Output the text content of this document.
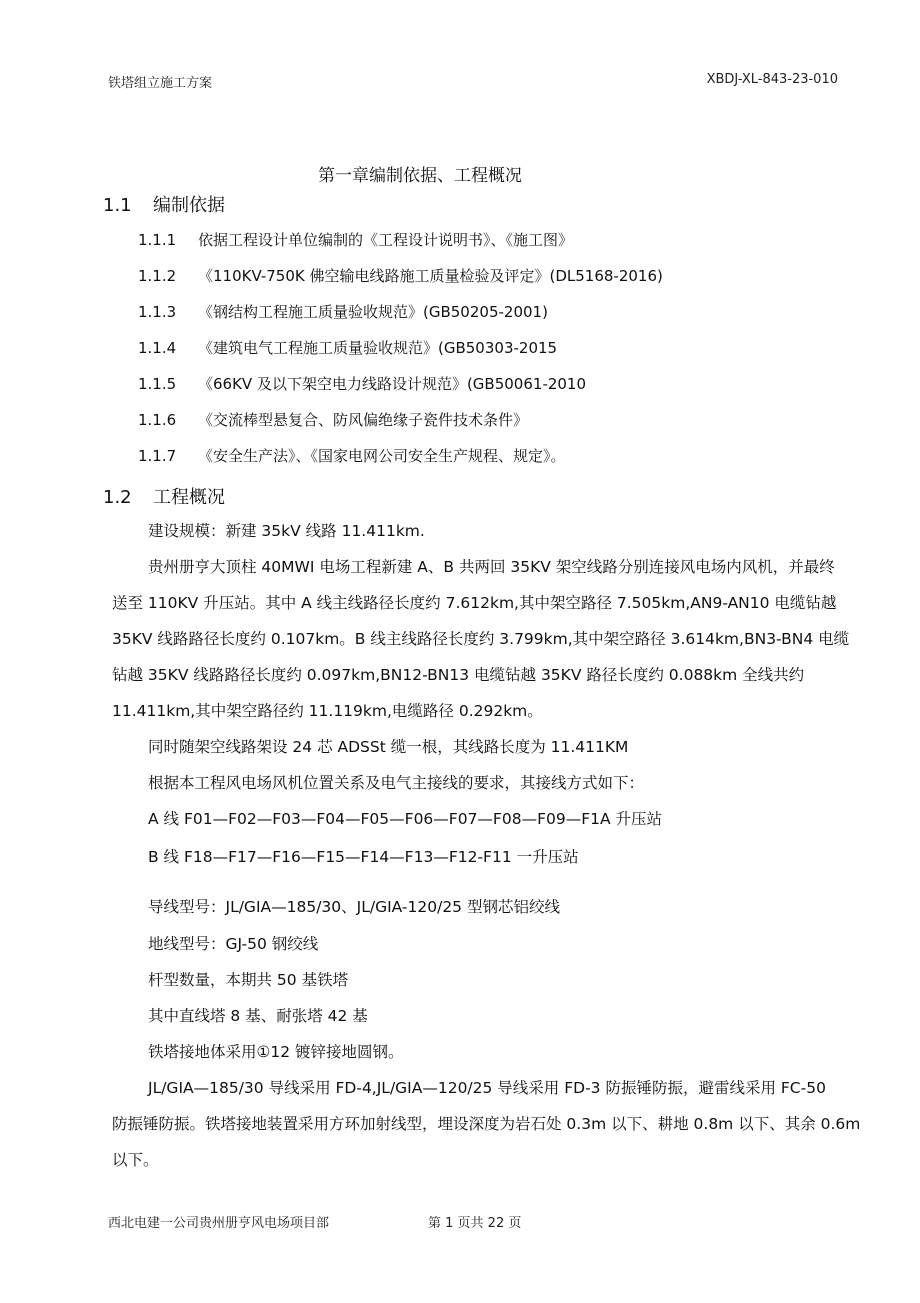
铁塔组立施工方案	XBDJ-XL-843-23-010
第一章编制依据、工程概况
1.1 编制依据
1.1.1 依据工程设计单位编制的《工程设计说明书》、《施工图》
1.1.2 《110KV-750K 佛空输电线路施工质量检验及评定》(DL5168-2016)
1.1.3 《钢结构工程施工质量验收规范》(GB50205-2001)
1.1.4 《建筑电气工程施工质量验收规范》(GB50303-2015
1.1.5 《66KV 及以下架空电力线路设计规范》(GB50061-2010
1.1.6 《交流棒型悬复合、防风偏绝缘子瓷件技术条件》
1.1.7 《安全生产法》、《国家电网公司安全生产规程、规定》。
1.2 工程概况
建设规模：新建 35kV 线路 11.411km.
贵州册亨大顶柱 40MWI 电场工程新建 A、B 共两回 35KV 架空线路分别连接风电场内风机，并最终
送至 110KV 升压站。其中 A 线主线路径长度约 7.612km,其中架空路径 7.505km,AN9-AN10 电缆钻越
35KV 线路路径长度约 0.107km。B 线主线路径长度约 3.799km,其中架空路径 3.614km,BN3-BN4 电缆
钻越 35KV 线路路径长度约 0.097km,BN12-BN13 电缆钻越 35KV 路径长度约 0.088km 全线共约
11.411km,其中架空路径约 11.119km,电缆路径 0.292km。
同时随架空线路架设 24 芯 ADSSt 缆一根，其线路长度为 11.411KM
根据本工程风电场风机位置关系及电气主接线的要求，其接线方式如下：
A 线 F01—F02—F03—F04—F05—F06—F07—F08—F09—F1A 升压站
B 线 F18—F17—F16—F15—F14—F13—F12-F11 一升压站
导线型号：JL/GIA—185/30、JL/GIA-120/25 型钢芯铝绞线
地线型号：GJ-50 钢绞线
杆型数量，本期共 50 基铁塔
其中直线塔 8 基、耐张塔 42 基
铁塔接地体采用①12 镀锌接地圆钢。
JL/GIA—185/30 导线采用 FD-4,JL/GIA—120/25 导线采用 FD-3 防振锤防振，避雷线采用 FC-50
防振锤防振。铁塔接地装置采用方环加射线型，埋设深度为岩石处 0.3m 以下、耕地 0.8m 以下、其余 0.6m
以下。
西北电建一公司贵州册亨风电场项目部	第 1 页共 22 页
